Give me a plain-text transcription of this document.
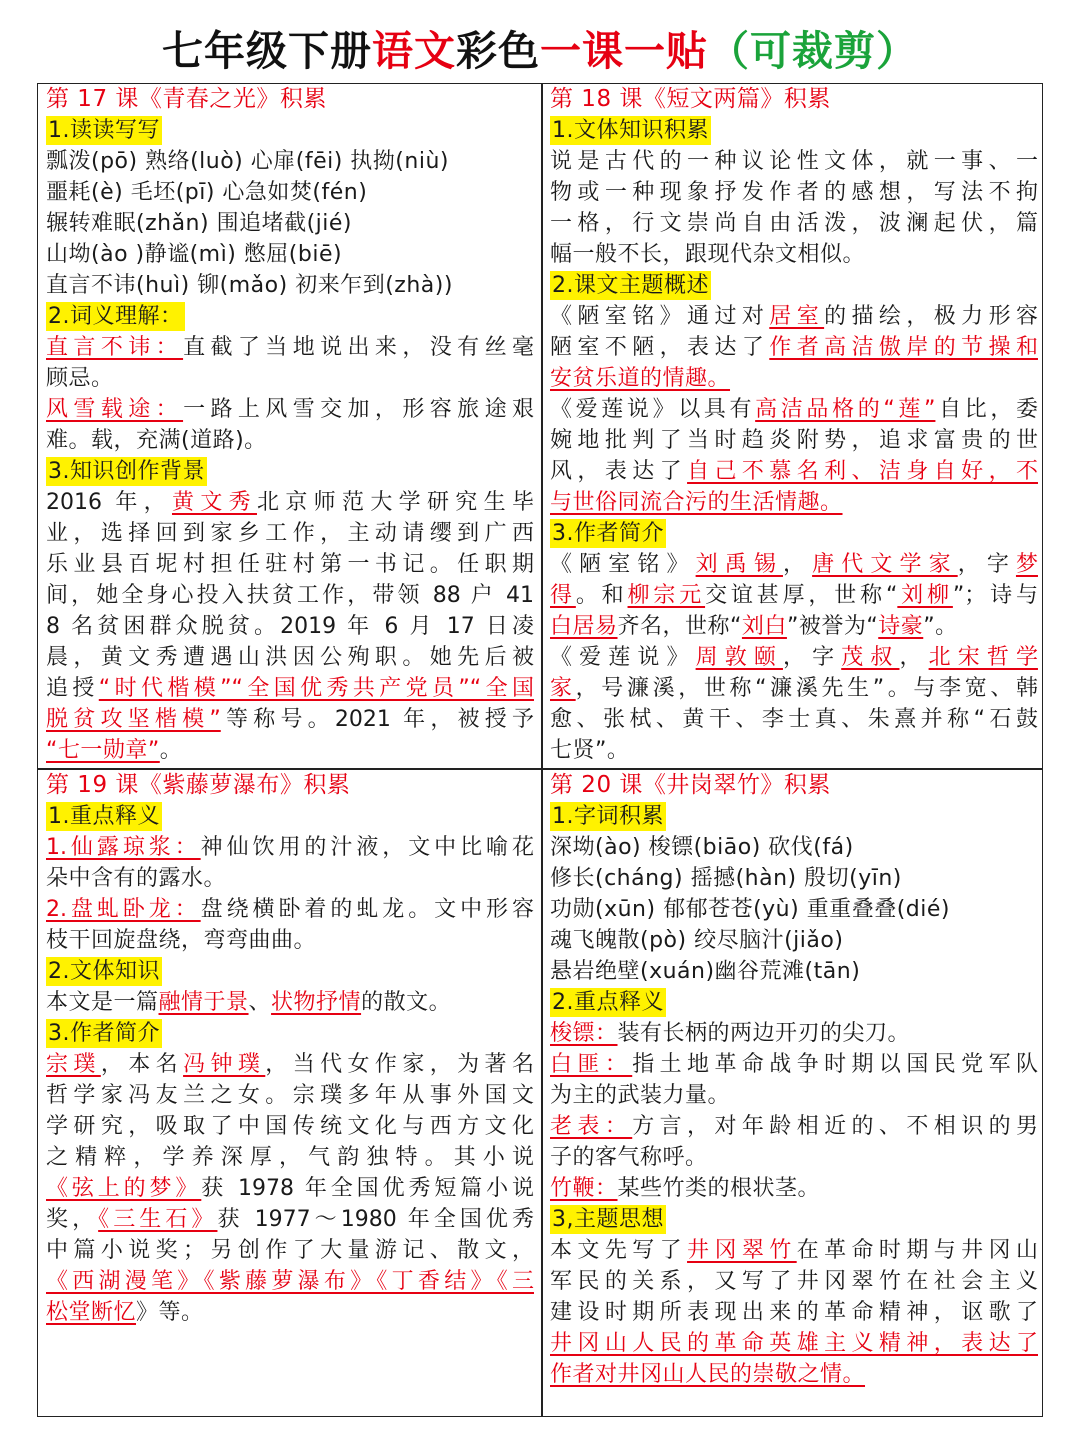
七年级下册语文彩色一课一贴（可裁剪）
第 17 课《青春之光》积累
1.读读写写
瓢泼(pō) 熟络(luò) 心扉(fēi) 执拗(niù)
噩耗(è) 毛坯(pī) 心急如焚(fén)
辗转难眠(zhǎn) 围追堵截(jié)
山坳(ào )静谧(mì) 憋屈(biē)
直言不讳(huì) 铆(mǎo) 初来乍到(zhà))
2.词义理解：
直言不讳：直截了当地说出来，没有丝毫
顾忌。
风雪载途：一路上风雪交加，形容旅途艰
难。载，充满(道路)。
3.知识创作背景
2016 年，黄文秀北京师范大学研究生毕
业，选择回到家乡工作，主动请缨到广西
乐业县百坭村担任驻村第一书记。任职期
间，她全身心投入扶贫工作，带领 88 户 41
8 名贫困群众脱贫。2019 年 6 月 17 日凌
晨，黄文秀遭遇山洪因公殉职。她先后被
追授“时代楷模”“全国优秀共产党员”“全国
脱贫攻坚楷模”等称号。2021 年，被授予
“七一勋章”。
第 18 课《短文两篇》积累
1.文体知识积累
说是古代的一种议论性文体，就一事、一
物或一种现象抒发作者的感想，写法不拘
一格，行文崇尚自由活泼，波澜起伏，篇
幅一般不长，跟现代杂文相似。
2.课文主题概述
《陋室铭》通过对居室的描绘，极力形容
陋室不陋，表达了作者高洁傲岸的节操和
安贫乐道的情趣。
《爱莲说》以具有高洁品格的“莲”自比，委
婉地批判了当时趋炎附势，追求富贵的世
风，表达了自己不慕名利、洁身自好，不
与世俗同流合污的生活情趣。
3.作者简介
《陋室铭》刘禹锡，唐代文学家，字梦
得。和柳宗元交谊甚厚，世称“刘柳”；诗与
白居易齐名，世称“刘白”被誉为“诗豪”。
《爱莲说》周敦颐，字茂叔，北宋哲学
家，号濂溪，世称“濂溪先生”。与李宽、韩
愈、张栻、黄干、李士真、朱熹并称“石鼓
七贤”。
第 19 课《紫藤萝瀑布》积累
1.重点释义
1.仙露琼浆：神仙饮用的汁液，文中比喻花
朵中含有的露水。
2.盘虬卧龙：盘绕横卧着的虬龙。文中形容
枝干回旋盘绕，弯弯曲曲。
2.文体知识
本文是一篇融情于景、状物抒情的散文。
3.作者简介
宗璞，本名冯钟璞，当代女作家，为著名
哲学家冯友兰之女。宗璞多年从事外国文
学研究，吸取了中国传统文化与西方文化
之精粹，学养深厚，气韵独特。其小说
《弦上的梦》获 1978 年全国优秀短篇小说
奖，《三生石》获 1977～1980 年全国优秀
中篇小说奖；另创作了大量游记、散文，
《西湖漫笔》《紫藤萝瀑布》《丁香结》《三
松堂断忆》等。
第 20 课《井岗翠竹》积累
1.字词积累
深坳(ào) 梭镖(biāo) 砍伐(fá)
修长(cháng) 摇撼(hàn) 殷切(yīn)
功勋(xūn) 郁郁苍苍(yù) 重重叠叠(dié)
魂飞魄散(pò) 绞尽脑汁(jiǎo)
悬岩绝壁(xuán)幽谷荒滩(tān)
2.重点释义
梭镖：装有长柄的两边开刃的尖刀。
白匪：指土地革命战争时期以国民党军队
为主的武装力量。
老表：方言，对年龄相近的、不相识的男
子的客气称呼。
竹鞭：某些竹类的根状茎。
3,主题思想
本文先写了井冈翠竹在革命时期与井冈山
军民的关系，又写了井冈翠竹在社会主义
建设时期所表现出来的革命精神，讴歌了
井冈山人民的革命英雄主义精神，表达了
作者对井冈山人民的崇敬之情。
